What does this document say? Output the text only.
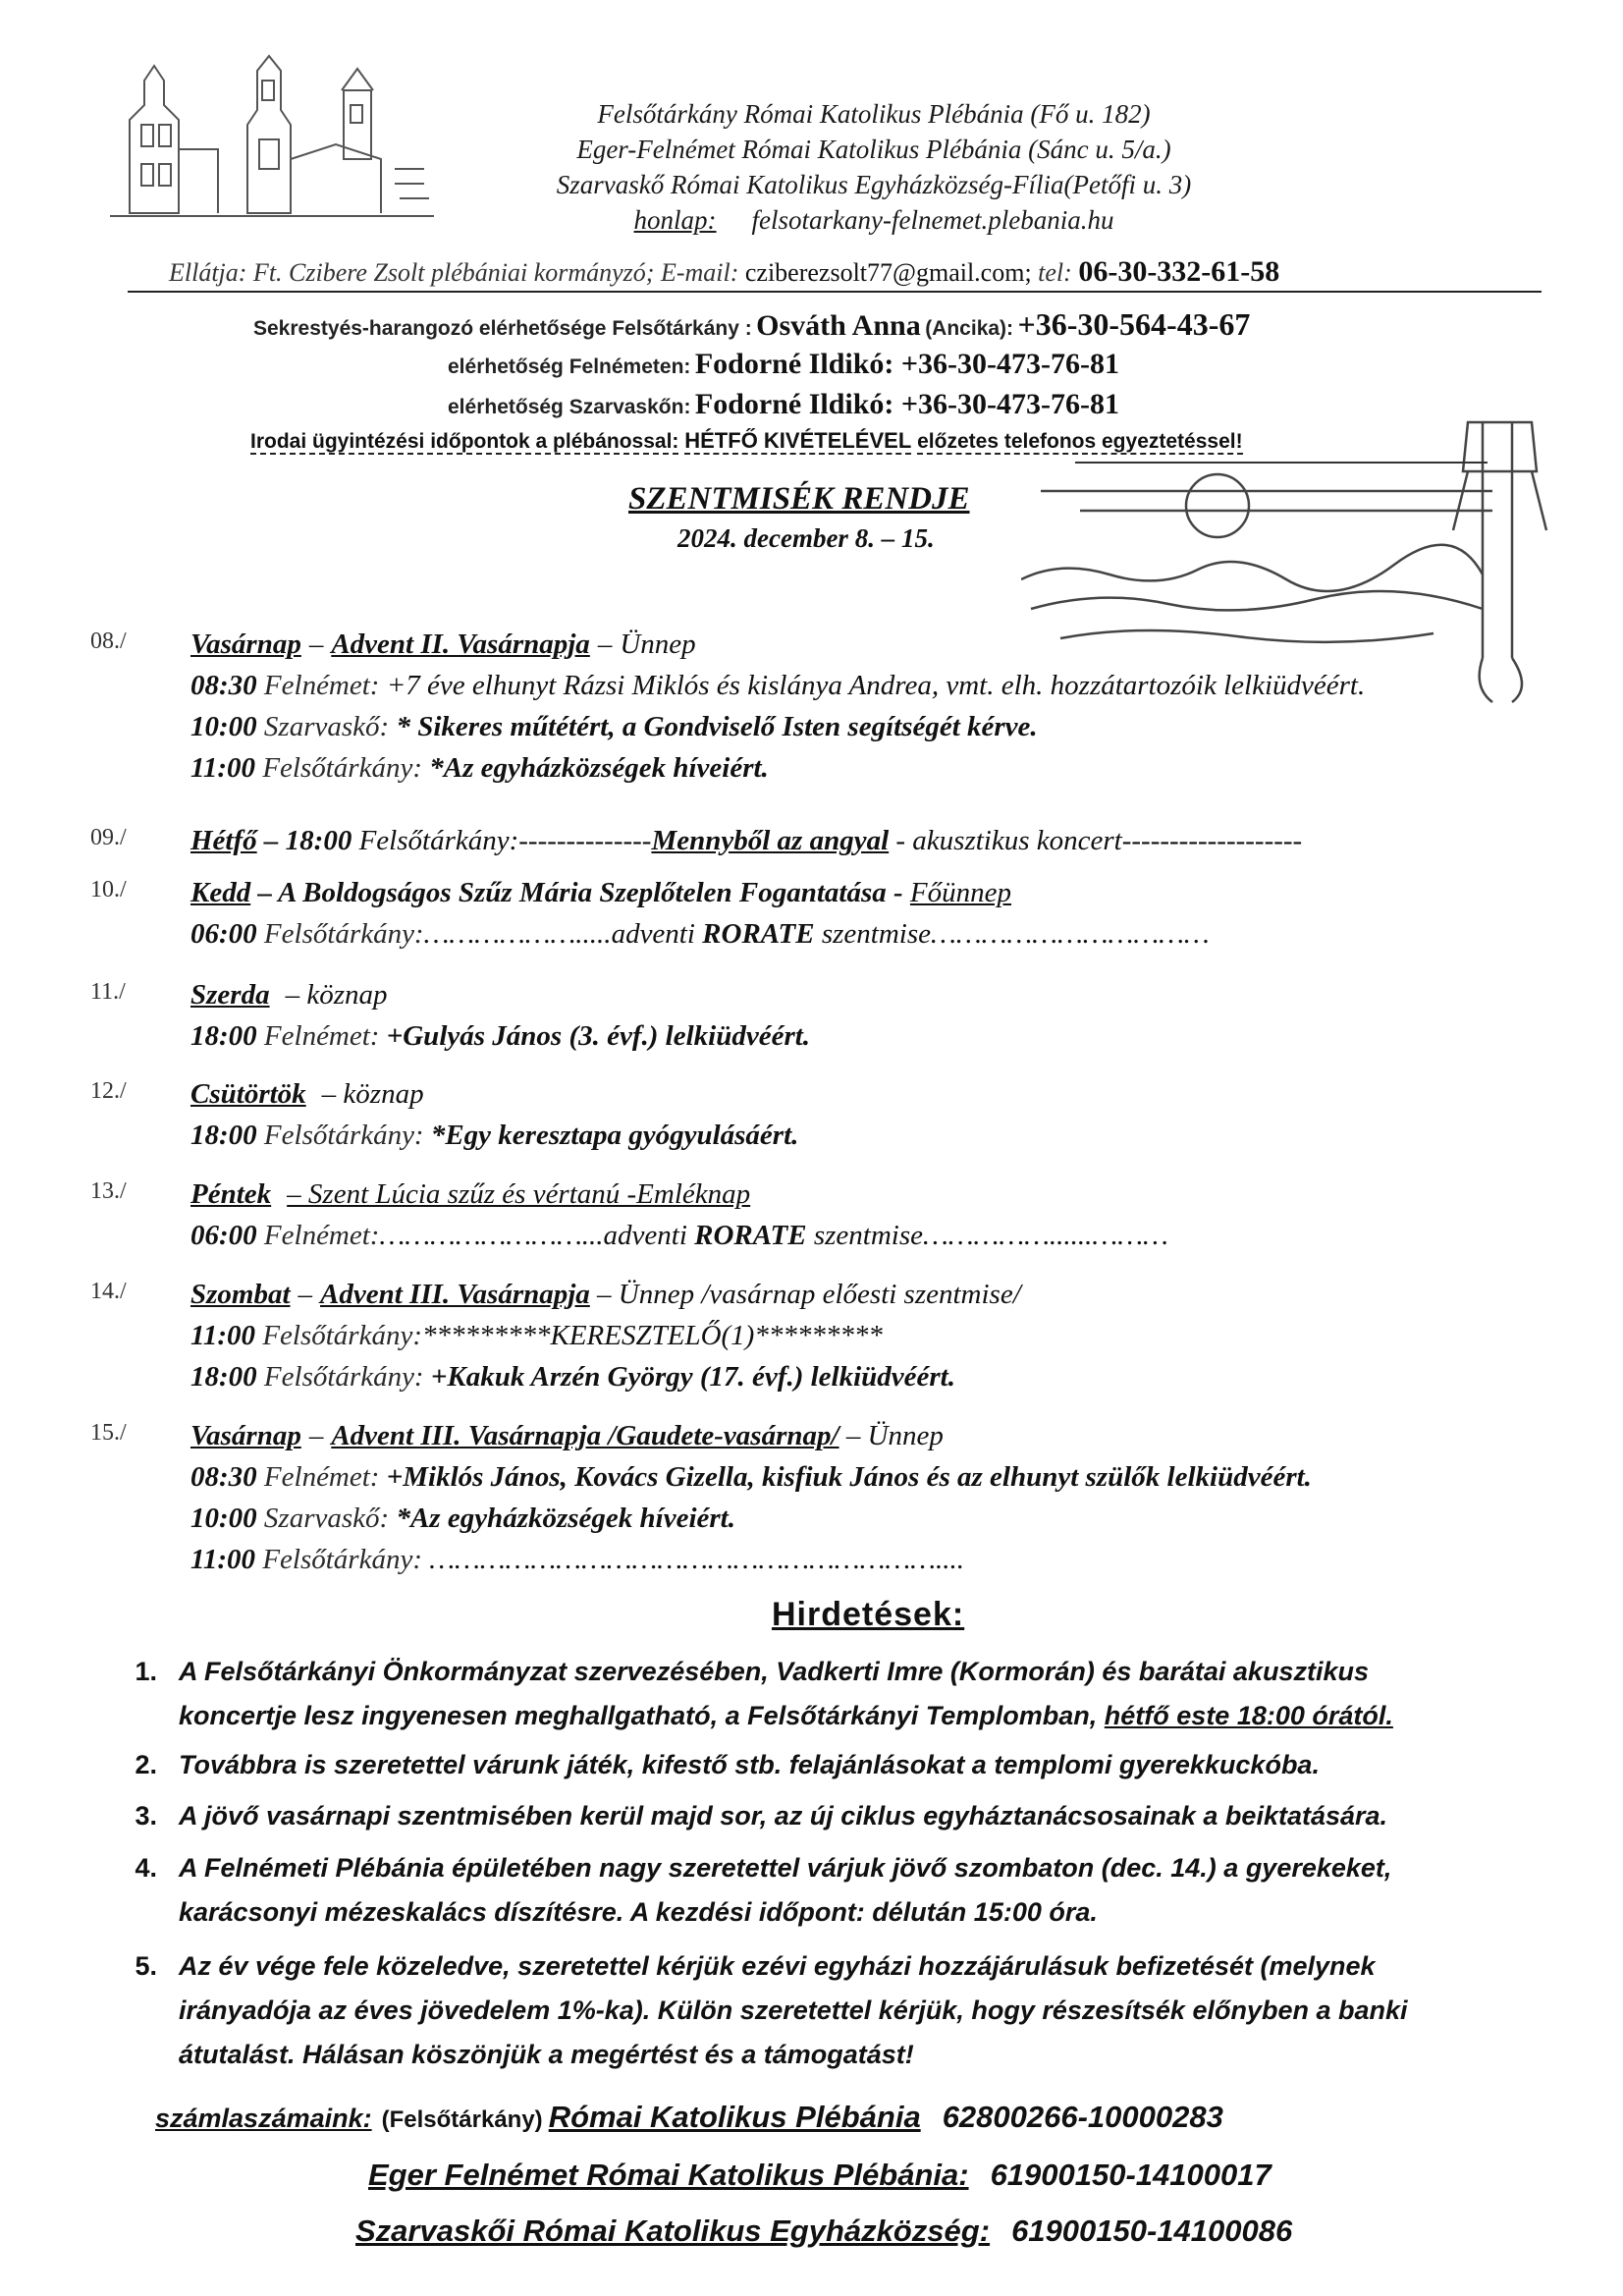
Felsőtárkány Római Katolikus Plébánia (Fő u. 182)
Eger-Felnémet Római Katolikus Plébánia (Sánc u. 5/a.)
Szarvaskő Római Katolikus Egyházközség-Fília(Petőfi u. 3)
honlap: felsotarkany-felnemet.plebania.hu
Ellátja: Ft. Czibere Zsolt plébániai kormányzó; E-mail: cziberezsolt77@gmail.com; tel: 06-30-332-61-58
Sekrestyés-harangozó elérhetősége Felsőtárkány : Osváth Anna (Ancika): +36-30-564-43-67
elérhetőség Felnémeten: Fodorné Ildikó: +36-30-473-76-81
elérhetőség Szarvaskőn: Fodorné Ildikó: +36-30-473-76-81
Irodai ügyintézési időpontok a plébánossal: HÉTFŐ KIVÉTELÉVEL előzetes telefonos egyeztetéssel!
SZENTMISÉK RENDJE
2024. december 8. – 15.
08./ Vasárnap – Advent II. Vasárnapja – Ünnep
08:30 Felnémet: +7 éve elhunyt Rázsi Miklós és kislánya Andrea, vmt. elh. hozzátartozóik lelkiüdvéért.
10:00 Szarvaskő: * Sikeres műtétért, a Gondviselő Isten segítségét kérve.
11:00 Felsőtárkány: *Az egyházközségek híveiért.
09./ Hétfő – 18:00 Felsőtárkány:--------------Mennyből az angyal - akusztikus koncert-------------------
10./ Kedd – A Boldogságos Szűz Mária Szeplőtelen Fogantatása - Főünnep
06:00 Felsőtárkány:……………….....adventi RORATE szentmise……………………………
11./ Szerda – köznap
18:00 Felnémet: +Gulyás János (3. évf.) lelkiüdvéért.
12./ Csütörtök – köznap
18:00 Felsőtárkány: *Egy keresztapa gyógyulásáért.
13./ Péntek – Szent Lúcia szűz és vértanú -Emléknap
06:00 Felnémet:……………………...adventi RORATE szentmise……………......………
14./ Szombat – Advent III. Vasárnapja – Ünnep /vasárnap előesti szentmise/
11:00 Felsőtárkány:*********KERESZTELŐ(1)*********
18:00 Felsőtárkány: +Kakuk Arzén György (17. évf.) lelkiüdvéért.
15./ Vasárnap – Advent III. Vasárnapja /Gaudete-vasárnap/ – Ünnep
08:30 Felnémet: +Miklós János, Kovács Gizella, kisfiuk János és az elhunyt szülők lelkiüdvéért.
10:00 Szarvaskő: *Az egyházközségek híveiért.
11:00 Felsőtárkány: ……………………………………………………....
Hirdetések:
1. A Felsőtárkányi Önkormányzat szervezésében, Vadkerti Imre (Kormorán) és barátai akusztikus
koncertje lesz ingyenesen meghallgatható, a Felsőtárkányi Templomban, hétfő este 18:00 órától.
2. Továbbra is szeretettel várunk játék, kifestő stb. felajánlásokat a templomi gyerekkuckóba.
3. A jövő vasárnapi szentmisében kerül majd sor, az új ciklus egyháztanácsosainak a beiktatására.
4. A Felnémeti Plébánia épületében nagy szeretettel várjuk jövő szombaton (dec. 14.) a gyerekeket,
karácsonyi mézeskalács díszítésre. A kezdési időpont: délután 15:00 óra.
5. Az év vége fele közeledve, szeretettel kérjük ezévi egyházi hozzájárulásuk befizetését (melynek
irányadója az éves jövedelem 1%-ka). Külön szeretettel kérjük, hogy részesítsék előnyben a banki
átutalást. Hálásan köszönjük a megértést és a támogatást!
számlaszámaink: (Felsőtárkány) Római Katolikus Plébánia 62800266-10000283
Eger Felnémet Római Katolikus Plébánia: 61900150-14100017
Szarvaskői Római Katolikus Egyházközség: 61900150-14100086
